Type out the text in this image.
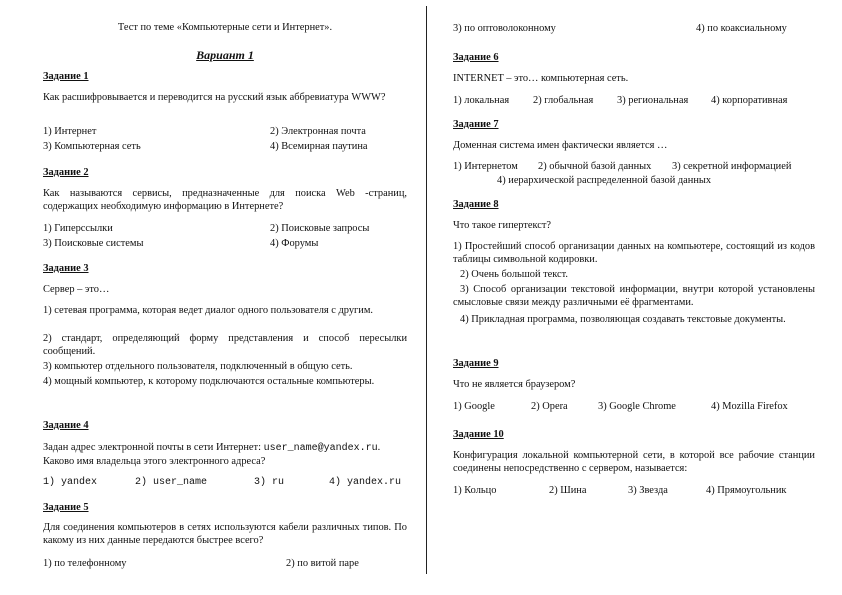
Тест по теме «Компьютерные сети и Интернет».
Вариант 1
Задание 1
Как расшифровывается и переводится на русский язык аббревиатура WWW?
1) Интернет	2) Электронная почта
3) Компьютерная сеть	4) Всемирная паутина
Задание 2
Как называются сервисы, предназначенные для поиска Web -страниц, содержащих необходимую информацию в Интернете?
1) Гиперссылки	2) Поисковые запросы
3) Поисковые системы	4) Форумы
Задание 3
Сервер – это…
1) сетевая программа, которая ведет диалог одного пользователя с другим.
2) стандарт, определяющий форму представления и способ пересылки сообщений.
3) компьютер отдельного пользователя, подключенный в общую сеть.
4) мощный компьютер, к которому подключаются остальные компьютеры.
Задание 4
Задан адрес электронной почты в сети Интернет: user_name@yandex.ru. Каково имя владельца этого электронного адреса?
1) yandex	2) user_name	3) ru	4) yandex.ru
Задание 5
Для соединения компьютеров в сетях используются кабели различных типов. По какому из них данные передаются быстрее всего?
1) по телефонному	2) по витой паре
3) по оптоволоконному	4) по коаксиальному
Задание 6
INTERNET – это… компьютерная сеть.
1) локальная 2) глобальная 3) региональная 4) корпоративная
Задание 7
Доменная система имен фактически является …
1) Интернетом 2) обычной базой данных 3) секретной информацией
4) иерархической распределенной базой данных
Задание 8
Что такое гипертекст?
1) Простейший способ организации данных на компьютере, состоящий из кодов таблицы символьной кодировки.
2) Очень большой текст.
3) Способ организации текстовой информации, внутри которой установлены смысловые связи между различными её фрагментами.
4) Прикладная программа, позволяющая создавать текстовые документы.
Задание 9
Что не является браузером?
1) Google	2) Opera	3) Google Chrome	4) Mozilla Firefox
Задание 10
Конфигурация локальной компьютерной сети, в которой все рабочие станции соединены непосредственно с сервером, называется:
1) Кольцо	2) Шина	3) Звезда	4) Прямоугольник
